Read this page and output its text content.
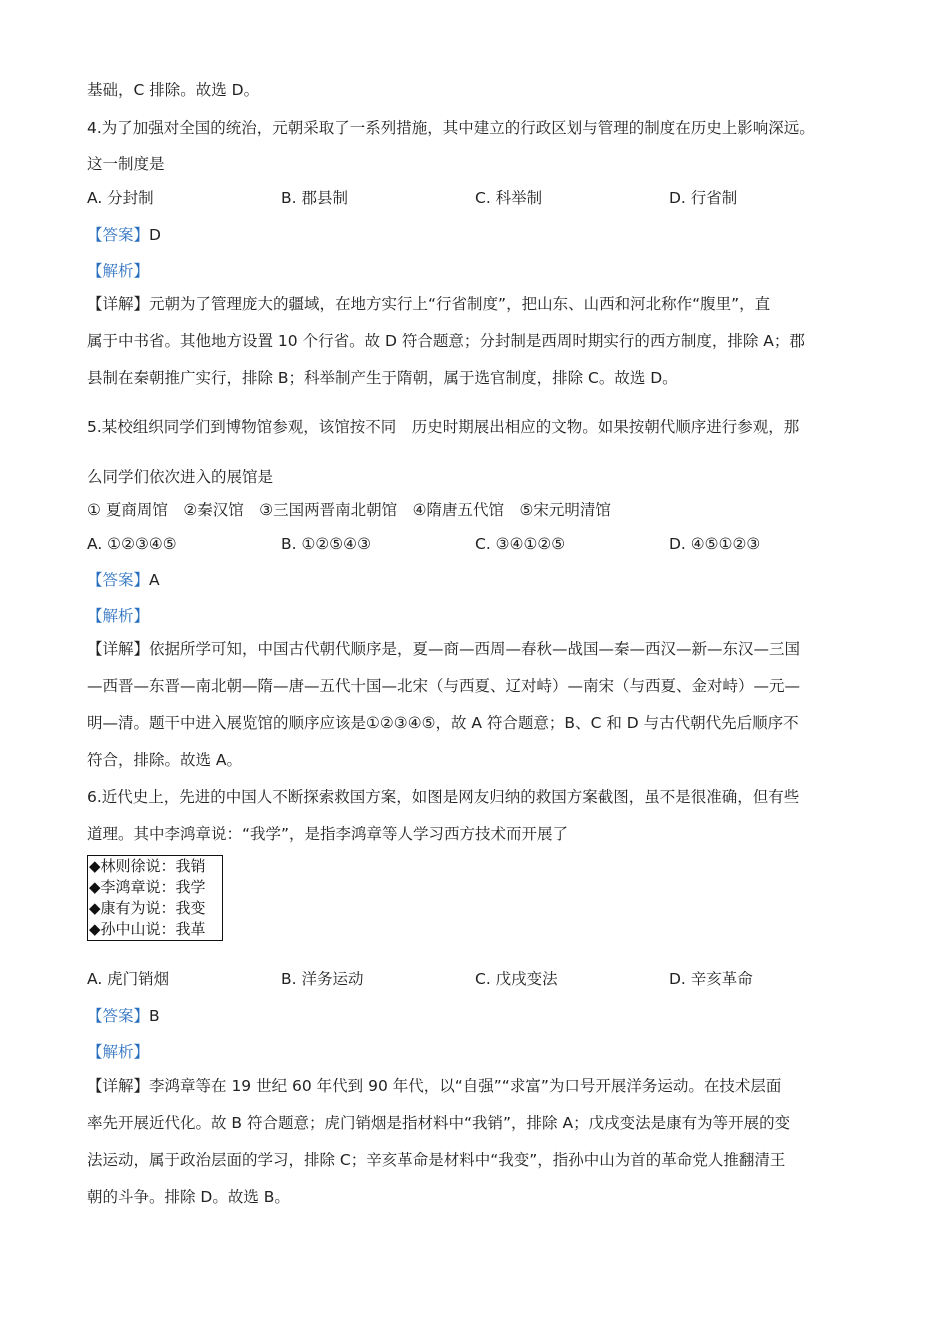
基础，C 排除。故选 D。
4.为了加强对全国的统治，元朝采取了一系列措施，其中建立的行政区划与管理的制度在历史上影响深远。
这一制度是
A. 分封制	B. 郡县制	C. 科举制	D. 行省制
【答案】D
【解析】
【详解】元朝为了管理庞大的疆域，在地方实行上“行省制度”，把山东、山西和河北称作“腹里”，直
属于中书省。其他地方设置 10 个行省。故 D 符合题意；分封制是西周时期实行的西方制度，排除 A；郡
县制在秦朝推广实行，排除 B；科举制产生于隋朝，属于选官制度，排除 C。故选 D。
5.某校组织同学们到博物馆参观，该馆按不同　历史时期展出相应的文物。如果按朝代顺序进行参观，那
么同学们依次进入的展馆是
① 夏商周馆　②秦汉馆　③三国两晋南北朝馆　④隋唐五代馆　⑤宋元明清馆
A. ①②③④⑤	B. ①②⑤④③	C. ③④①②⑤	D. ④⑤①②③
【答案】A
【解析】
【详解】依据所学可知，中国古代朝代顺序是，夏—商—西周—春秋—战国—秦—西汉—新—东汉—三国
—西晋—东晋—南北朝—隋—唐—五代十国—北宋（与西夏、辽对峙）—南宋（与西夏、金对峙）—元—
明—清。题干中进入展览馆的顺序应该是①②③④⑤，故 A 符合题意；B、C 和 D 与古代朝代先后顺序不
符合，排除。故选 A。
6.近代史上，先进的中国人不断探索救国方案，如图是网友归纳的救国方案截图，虽不是很准确，但有些
道理。其中李鸿章说：“我学”，是指李鸿章等人学习西方技术而开展了
◆林则徐说：我销
◆李鸿章说：我学
◆康有为说：我变
◆孙中山说：我革
A. 虎门销烟	B. 洋务运动	C. 戊戌变法	D. 辛亥革命
【答案】B
【解析】
【详解】李鸿章等在 19 世纪 60 年代到 90 年代，以“自强”“求富”为口号开展洋务运动。在技术层面
率先开展近代化。故 B 符合题意；虎门销烟是指材料中“我销”，排除 A；戊戌变法是康有为等开展的变
法运动，属于政治层面的学习，排除 C；辛亥革命是材料中“我变”，指孙中山为首的革命党人推翻清王
朝的斗争。排除 D。故选 B。
